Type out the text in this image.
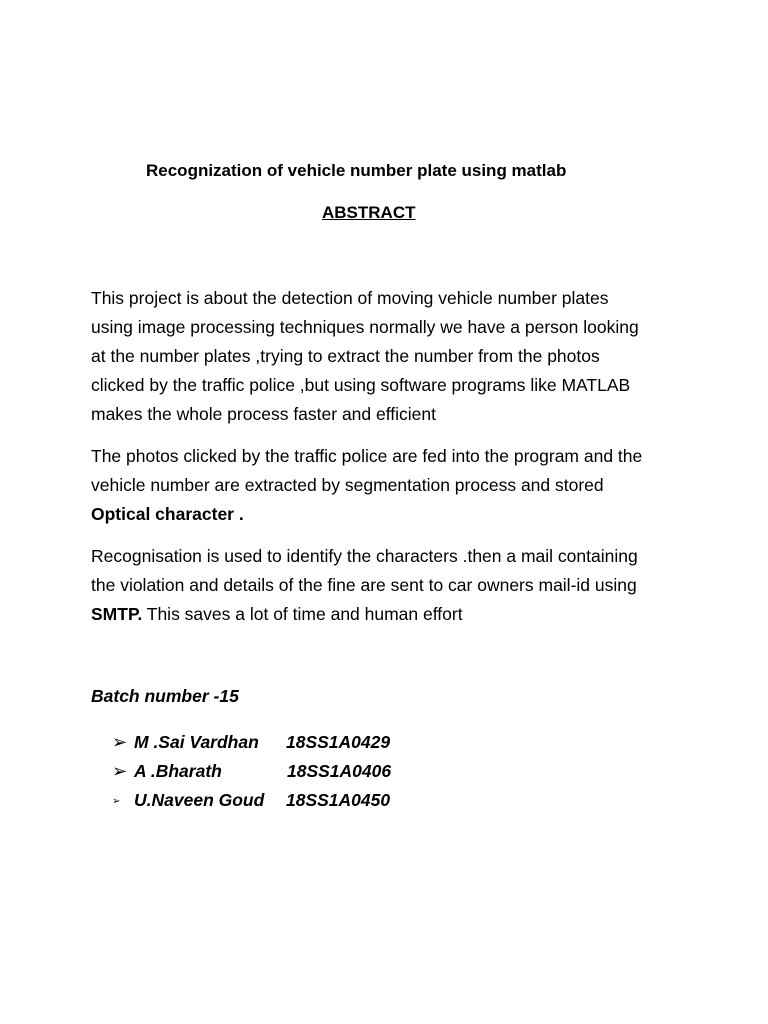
Recognization of vehicle number plate using matlab
ABSTRACT
This project is about the detection of moving vehicle number plates
using image processing techniques normally we have a person looking
at the number plates ,trying to extract the number from the photos
clicked by the traffic police ,but using software programs like MATLAB
makes the whole process faster and efficient
The photos clicked by the traffic police are fed into the program and the
vehicle number are extracted by segmentation process and stored
Optical character .
Recognisation is used to identify the characters .then a mail containing
the violation and details of the fine are sent to car owners mail-id using
SMTP. This saves a lot of time and human effort
Batch number -15
➢ M .Sai Vardhan 18SS1A0429
➢ A .Bharath	18SS1A0406
➢ U.Naveen Goud 18SS1A0450
